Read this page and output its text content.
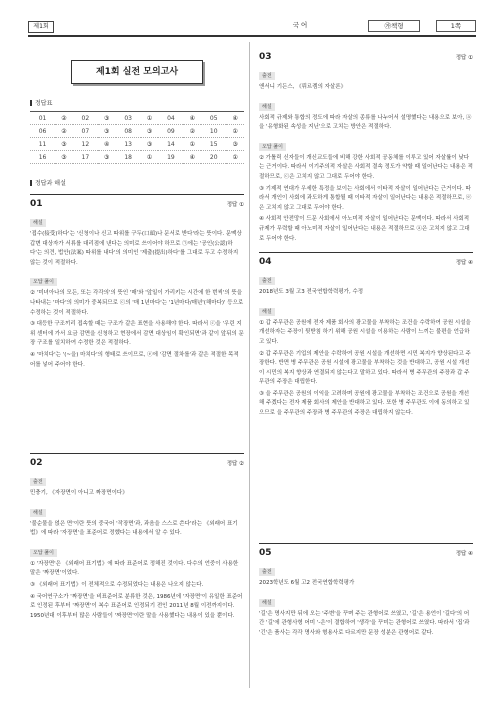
제1회	국 어	㉮책형	1쪽
제1회 실전 모의고사
정답표
01	②	02	③	03	①	04	④	05	④
06	②	07	③	08	③	09	②	10	①
11	③	12	④	13	③	14	①	15	③
16	③	17	③	18	①	19	④	20	①
정답과 해설
01	정답 ①
해설
'접수(接受)하다'는 '신청이나 신고 따위를 구두(口頭)나 문서로 받다'라는 뜻이다. 문맥상 갑변 대상자가 서류를 대리점에 낸다는 의미로 쓰이어야 하므로 ㉠에는 '공인(公認)하다'는 의견, 법안(法案) 따위를 내다'의 의미인 '제출(提出)하다'를 그대로 두고 수정하지 않는 것이 적절하다.
오답 풀이
② '미녀아나의 모든, 또는 각각의'의 뜻인 '매'와 '앞일이 가리키는 시간에 한 번씩'의 뜻을 나타내는 '마다'의 의미가 중복되므로 ⓒ의 '매 1년마다'는 '1년마다/매년'(해마다)' 등으로 수정하는 것이 적절하다.
③ 대등한 구조끼리 접속할 때는 구조가 같은 표현을 사용해야 한다. 따라서 ⓒ을 '우린 지위 센터에 가서 요금 감면을 신청하고 현장에서 감면 대상임이 확인되면'과 같이 앞뒤의 문장 구조를 일치하여 수정한 것은 적절하다.
④ '마치다'는 '(~을) 마치다'의 형태로 쓰이므로, ⓔ에 '감면 절차를'과 같은 적절한 목적어를 넣어 주어야 한다.
02	정답 ②
출전
민충기, 《자장면이 아니고 짜장면이다》
해설
'불순물을 얹은 면'이란 뜻의 중국어 '작장면'과, 과음을 스스로 쓴다'라는 《외래어 표기법》에 따라 '자장면'을 표준어로 정했다는 내용에서 알 수 있다.
오답 풀이
① '자장면'은 《외래어 표기법》에 따라 표준어로 정해진 것이다. 다수의 언중이 사용한 말은 '짜장면'이었다.
③ 《외래어 표기법》이 전체적으로 수정되었다는 내용은 나오지 않는다.
④ 국어연구소가 '짜장면'을 비표준어로 분류한 것은, 1986년에 '자장면'이 유일한 표준어로 인정된 후부터 '짜장면'이 복수 표준어로 인정되기 전인 2011년 8월 이전까지이다. 1950년대 이후부터 많은 사람들이 '짜장면'이란 말을 사용했다는 내용이 있을 뿐이다.
03	정답 ①
출전
앤서니 기든스, 《뤼르켐의 자살론》
해설
사회적 규제와 통합의 정도에 따라 자살의 종류를 나누어서 설명했다는 내용으로 보아, ⓐ을 '유형화된 속성을 지닌'으로 고치는 방안은 적절하다.
오답 풀이
② 가톨릭 신자들이 개신교도들에 비해 강한 사회적 공동체를 이루고 있어 자살률이 낮다는 근거이다. 따라서 이기주의적 자살은 사회적 결속 정도가 약할 때 일어난다는 내용은 적절하므로, ⓒ은 고치지 않고 그대로 두어야 한다.
③ 기제적 연대가 우세한 특정을 보이는 사회에서 이타적 자살이 일어난다는 근거이다. 따라서 개인이 사회에 과도하게 통합될 때 이타적 자살이 일어난다는 내용은 적절하므로, ⓔ은 고치지 않고 그대로 두어야 한다.
④ 사회적 안전망이 드문 사회에서 아노미적 자살이 일어난다는 문맥이다. 따라서 사회적 규제가 무력할 때 아노미적 자살이 일어난다는 내용은 적절하므로 ⓐ은 고치지 않고 그대로 두어야 한다.
04	정답 ④
출전
2018년도 3월 고3 전국연합학력평가, 수정
해설
① 갑 주무관은 공원에 전자 제품 회사의 광고물을 부착하는 조건을 수락하여 공원 시설을 개선하자는 주장이 뒷받침 하기 위해 공원 시설을 이용하는 사람이 느끼는 불편을 언급하고 있다.
② 갑 주무관은 기업의 제안을 수락하여 공원 시설을 개선하면 시민 복지가 향상된다고 주장한다. 반면 병 주무관은 공원 시설에 광고물을 부착하는 것을 반대하고, 공원 시설 개선이 시민의 복지 향상과 연결되지 않는다고 말하고 있다. 따라서 병 주무관의 주장과 갑 주무관의 주장은 대립한다.
③ 을 주무관은 공원의 이익을 고려하며 공원에 광고물을 부착하는 조건으로 공원을 개선해 주겠다는 전자 제품 회사의 제안을 반대하고 있다. 또한 병 주무관도 이에 동의하고 있으므로 을 주무관의 주장과 병 주무관의 주장은 대립하지 않는다.
05	정답 ④
출전
2023학년도 6월 고2 전국연합학력평가
해설
'길'은 명사지만 뒤에 오는 '주변'을 꾸며 주는 관형어로 쓰였고, '길'은 용언이 '길다'의 어간 '길'에 관형사형 어미 '-은'이 결합하여 '생각'을 꾸미는 관형어로 쓰였다. 따라서 '집'과 '긴'은 품사는 각각 명사와 형용사로 다르지만 문장 성분은 관형어로 같다.
